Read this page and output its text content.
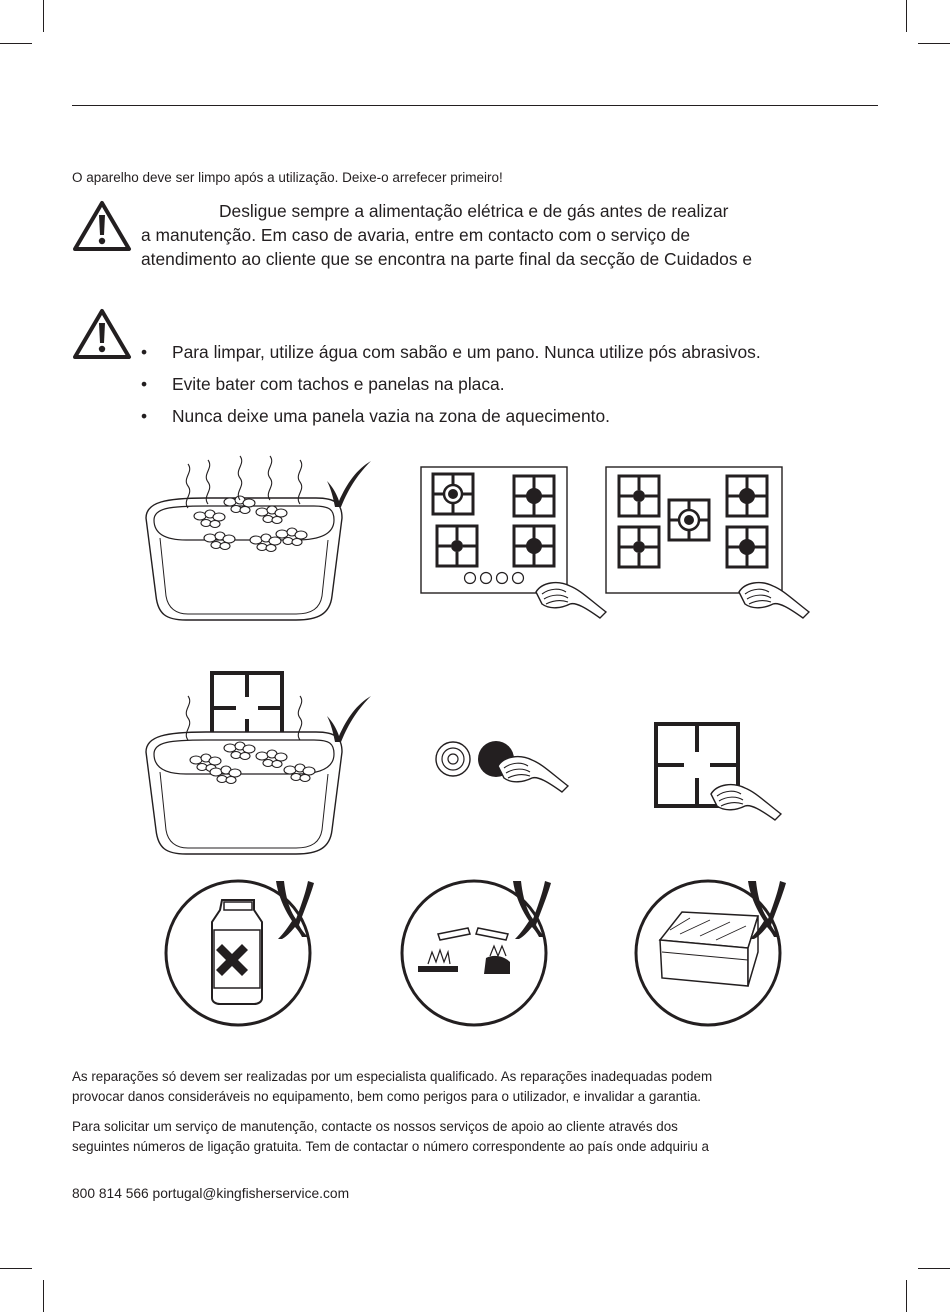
O aparelho deve ser limpo após a utilização. Deixe-o arrefecer primeiro!
Desligue sempre a alimentação elétrica e de gás antes de realizar
a manutenção. Em caso de avaria, entre em contacto com o serviço de
atendimento ao cliente que se encontra na parte final da secção de Cuidados e
• Para limpar, utilize água com sabão e um pano. Nunca utilize pós abrasivos.
• Evite bater com tachos e panelas na placa.
• Nunca deixe uma panela vazia na zona de aquecimento.
As reparações só devem ser realizadas por um especialista qualificado. As reparações inadequadas podem
provocar danos consideráveis no equipamento, bem como perigos para o utilizador, e invalidar a garantia.
Para solicitar um serviço de manutenção, contacte os nossos serviços de apoio ao cliente através dos
seguintes números de ligação gratuita. Tem de contactar o número correspondente ao país onde adquiriu a
800 814 566 portugal@kingfisherservice.com
